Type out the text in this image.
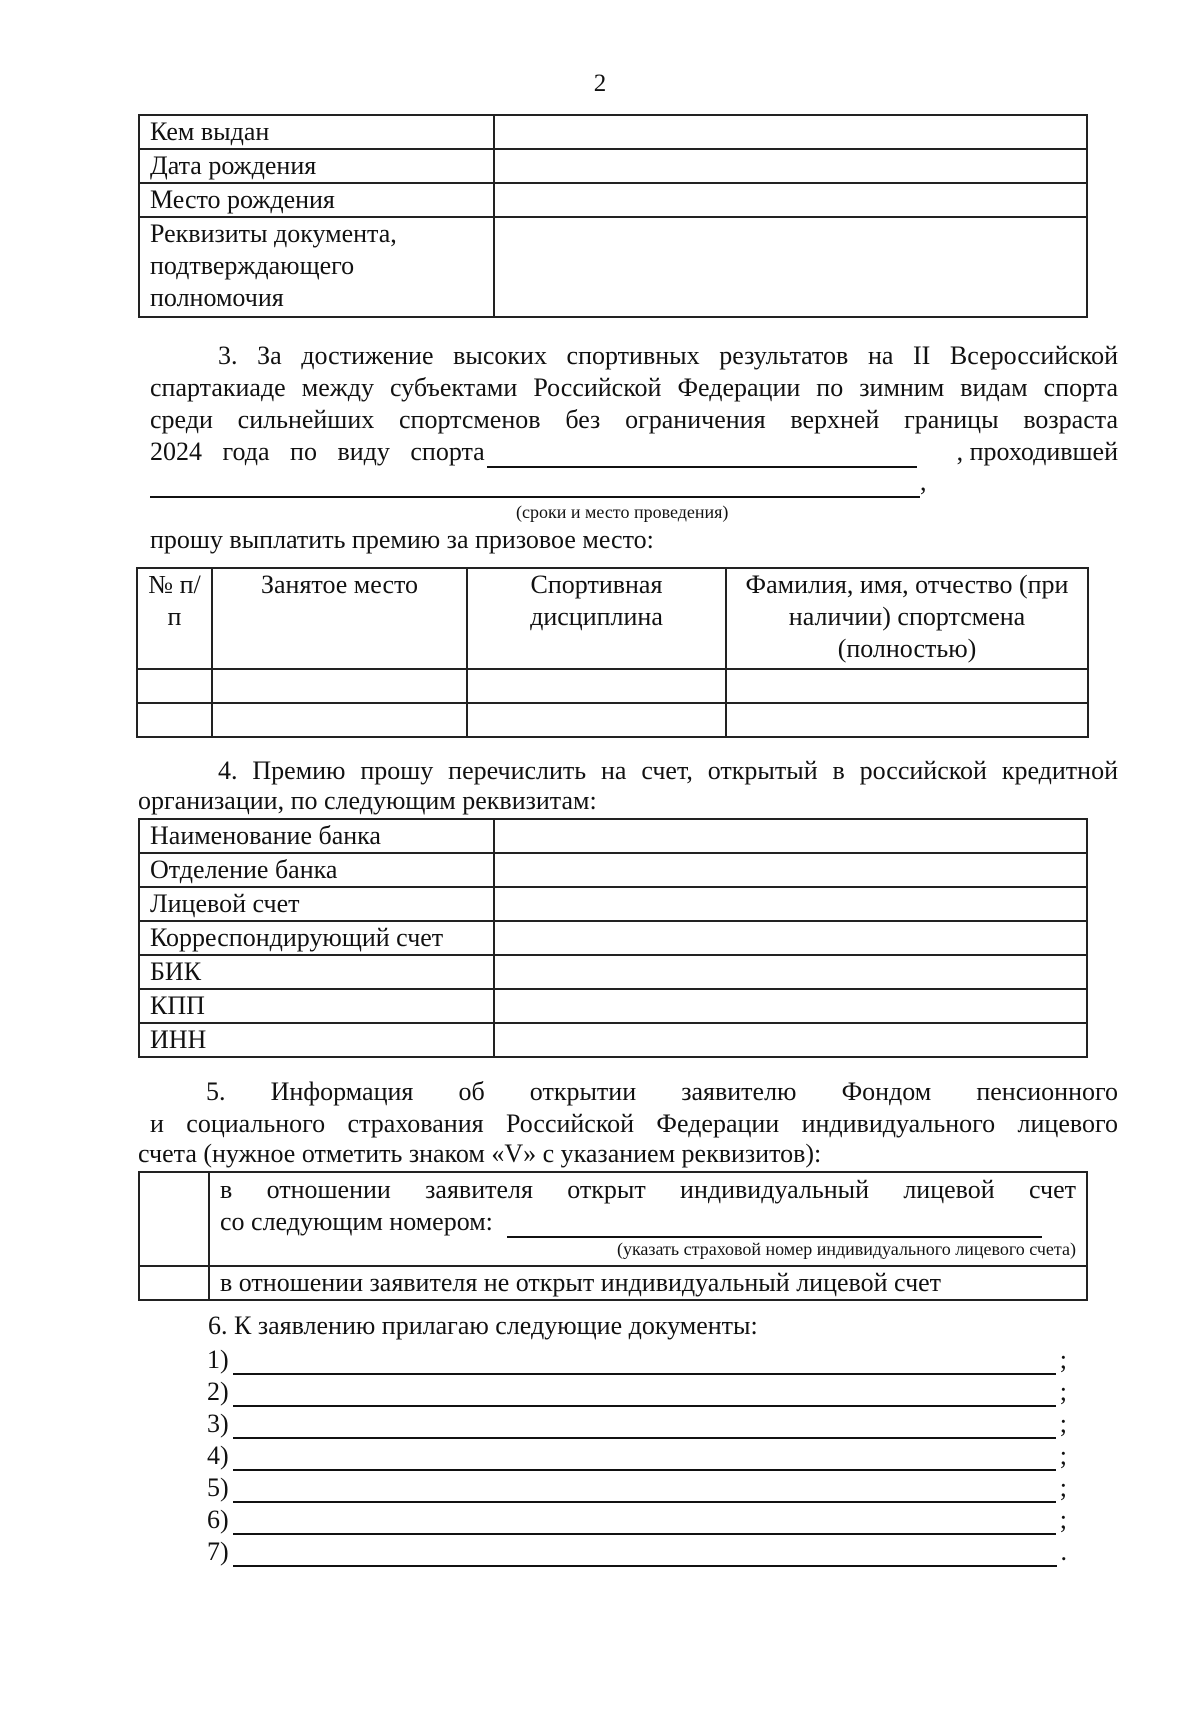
2
Кем выдан	
Дата рождения	
Место рождения	
Реквизиты документа, подтверждающего полномочия	
3. За достижение высоких спортивных результатов на II Всероссийской
спартакиаде между субъектами Российской Федерации по зимним видам спорта
среди сильнейших спортсменов без ограничения верхней границы возраста
2024 года по виду спорта	, проходившей
,
(сроки и место проведения)
прошу выплатить премию за призовое место:
№ п/п	Занятое место	Спортивная дисциплина	Фамилия, имя, отчество (при наличии) спортсмена (полностью)

4. Премию прошу перечислить на счет, открытый в российской кредитной
организации, по следующим реквизитам:
Наименование банка	
Отделение банка	
Лицевой счет	
Корреспондирующий счет	
БИК	
КПП	
ИНН	
5. Информация об открытии заявителю Фондом пенсионного
и социального страхования Российской Федерации индивидуального лицевого
счета (нужное отметить знаком «V» с указанием реквизитов):

	в отношении заявителя открыт индивидуальный лицевой счет
со следующим номером:
(указать страховой номер индивидуального лицевого счета)

	в отношении заявителя не открыт индивидуальный лицевой счет
6. К заявлению прилагаю следующие документы:
1)	;
2)	;
3)	;
4)	;
5)	;
6)	;
7)	.
